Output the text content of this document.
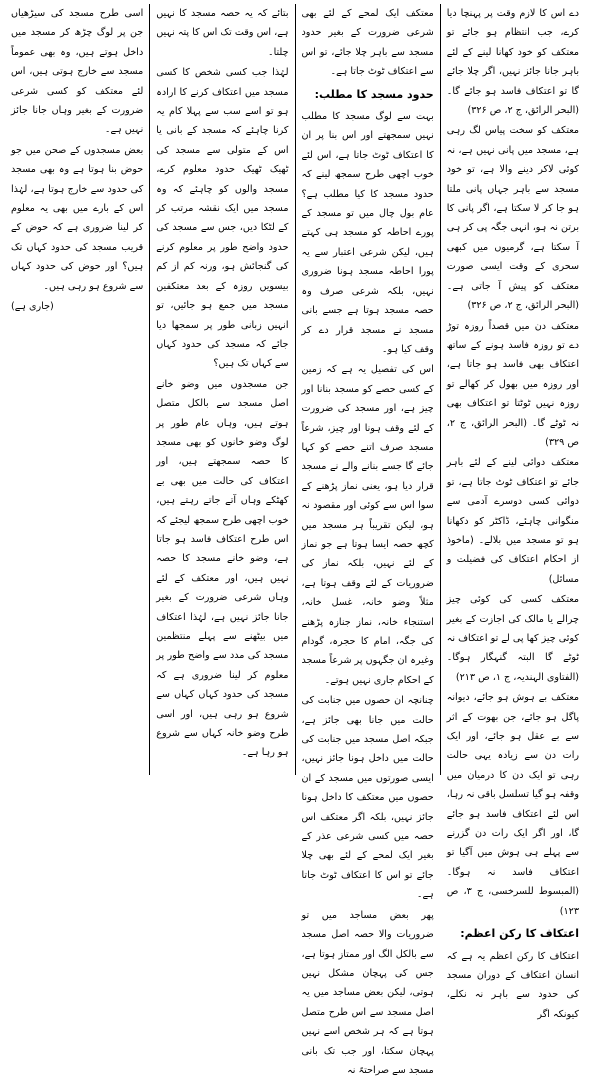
دے اس کا لازم وقت پر پہنچا دیا کرے، جب انتظام ہو جائے تو معتکف کو خود کھانا لینے کے لئے باہر جانا جائز نہیں، اگر چلا جائے گا تو اعتکاف فاسد ہو جائے گا۔ (البحر الرائق، ج ۲، ص ۳۲۶)

معتکف کو سخت پیاس لگ رہی ہے، مسجد میں پانی نہیں ہے، نہ کوئی لاکر دینے والا ہے، تو خود مسجد سے باہر جہاں پانی ملتا ہو جا کر لا سکتا ہے، اگر پانی کا برتن نہ ہو، انہی جگہ پی کر ہی آ سکتا ہے، گرمیوں میں کبھی سحری کے وقت ایسی صورت معتکف کو پیش آ جاتی ہے۔ (البحر الرائق، ج ۲، ص ۳۲۶)

معتکف دن میں قصداً روزہ توڑ دے تو روزہ فاسد ہونے کے ساتھ اعتکاف بھی فاسد ہو جاتا ہے، اور روزہ میں بھول کر کھالے تو روزہ نہیں ٹوٹتا تو اعتکاف بھی نہ ٹوٹے گا۔ (البحر الرائق، ج ۲، ص ۳۲۹)

معتکف دوائی لینے کے لئے باہر جائے تو اعتکاف ٹوٹ جاتا ہے، تو دوائی کسی دوسرے آدمی سے منگوانی چاہئے، ڈاکٹر کو دکھانا ہو تو مسجد میں بلالے۔ (ماخوذ از احکام اعتکاف کی فضیلت و مسائل)

معتکف کسی کی کوئی چیز چرالے یا مالک کی اجازت کے بغیر کوئی چیز کھا پی لے تو اعتکاف نہ ٹوٹے گا البتہ گنہگار ہوگا۔ (الفتاوی الہندیہ، ج ۱، ص ۲۱۳)

معتکف بے ہوش ہو جائے، دیوانہ پاگل ہو جائے، جن بھوت کے اثر سے بے عقل ہو جائے، اور ایک رات دن سے زیادہ یہی حالت رہی تو ایک دن کا درمیان میں وقفہ ہو گیا تسلسل باقی نہ رہا، اس لئے اعتکاف فاسد ہو جائے گا، اور اگر ایک رات دن گزرنے سے پہلے ہی ہوش میں آگیا تو اعتکاف فاسد نہ ہوگا۔ (المبسوط للسرخسی، ج ۳، ص ۱۲۳)

اعتکاف کا رکن اعظم:

اعتکاف کا رکن اعظم یہ ہے کہ انسان اعتکاف کے دوران مسجد کی حدود سے باہر نہ نکلے، کیونکہ اگر

معتکف ایک لمحے کے لئے بھی شرعی ضرورت کے بغیر حدود مسجد سے باہر چلا جائے، تو اس سے اعتکاف ٹوٹ جاتا ہے۔

حدود مسجد کا مطلب:

بہت سے لوگ مسجد کا مطلب نہیں سمجھتے اور اس بنا پر ان کا اعتکاف ٹوٹ جاتا ہے، اس لئے خوب اچھی طرح سمجھ لینے کہ حدود مسجد کا کیا مطلب ہے؟ عام بول چال میں تو مسجد کے پورے احاطہ کو مسجد ہی کہتے ہیں، لیکن شرعی اعتبار سے یہ پورا احاطہ مسجد ہونا ضروری نہیں، بلکہ شرعی صرف وہ حصہ مسجد ہوتا ہے جسے بانی مسجد نے مسجد قرار دے کر وقف کیا ہو۔

اس کی تفصیل یہ ہے کہ زمین کے کسی حصے کو مسجد بنانا اور چیز ہے، اور مسجد کی ضرورت کے لئے وقف ہونا اور چیز، شرعاً مسجد صرف اتنے حصے کو کہا جائے گا جسے بنانے والے نے مسجد قرار دیا ہو، یعنی نماز پڑھنے کے سوا اس سے کوئی اور مقصود نہ ہو، لیکن تقریباً ہر مسجد میں کچھ حصہ ایسا ہوتا ہے جو نماز کے لئے نہیں، بلکہ نماز کی ضروریات کے لئے وقف ہوتا ہے، مثلاً وضو خانہ، غسل خانہ، استنجاء خانہ، نماز جنازہ پڑھنے کی جگہ، امام کا حجرہ، گودام وغیرہ ان جگہوں پر شرعاً مسجد کے احکام جاری نہیں ہوتے۔

چنانچہ ان حصوں میں جنابت کی حالت میں جانا بھی جائز ہے، جبکہ اصل مسجد میں جنابت کی حالت میں داخل ہونا جائز نہیں، ایسی صورتوں میں مسجد کے ان حصوں میں معتکف کا داخل ہونا جائز نہیں، بلکہ اگر معتکف اس حصہ میں کسی شرعی عذر کے بغیر ایک لمحے کے لئے بھی چلا جائے تو اس کا اعتکاف ٹوٹ جاتا ہے۔

پھر بعض مساجد میں تو ضروریات والا حصہ اصل مسجد سے بالکل الگ اور ممتاز ہوتا ہے، جس کی پہچان مشکل نہیں ہوتی، لیکن بعض مساجد میں یہ اصل مسجد سے اس طرح متصل ہوتا ہے کہ ہر شخص اسے نہیں پہچان سکتا، اور جب تک بانی مسجد سے صراحتہً نہ

بتائے کہ یہ حصہ مسجد کا نہیں ہے، اس وقت تک اس کا پتہ نہیں چلتا۔

لہٰذا جب کسی شخص کا کسی مسجد میں اعتکاف کرنے کا ارادہ ہو تو اسے سب سے پہلا کام یہ کرنا چاہئے کہ مسجد کے بانی یا اس کے متولی سے مسجد کی ٹھیک ٹھیک حدود معلوم کرے، مسجد والوں کو چاہئے کہ وہ مسجد میں ایک نقشہ مرتب کر کے لٹکا دیں، جس سے مسجد کی حدود واضح طور پر معلوم کرنے کی گنجائش ہو، ورنہ کم از کم بیسویں روزہ کے بعد معتکفین مسجد میں جمع ہو جائیں، تو انہیں زبانی طور پر سمجھا دیا جائے کہ مسجد کی حدود کہاں سے کہاں تک ہیں؟

جن مسجدوں میں وضو خانے اصل مسجد سے بالکل متصل ہوتے ہیں، وہاں عام طور پر لوگ وضو خانوں کو بھی مسجد کا حصہ سمجھتے ہیں، اور اعتکاف کی حالت میں بھی بے کھٹکے وہاں آتے جاتے رہتے ہیں، خوب اچھی طرح سمجھ لیجئے کہ اس طرح اعتکاف فاسد ہو جاتا ہے، وضو خانے مسجد کا حصہ نہیں ہیں، اور معتکف کے لئے وہاں شرعی ضرورت کے بغیر جانا جائز نہیں ہے، لہٰذا اعتکاف میں بیٹھنے سے پہلے منتظمین مسجد کی مدد سے واضح طور پر معلوم کر لینا ضروری ہے کہ مسجد کی حدود کہاں کہاں سے شروع ہو رہی ہیں، اور اسی طرح وضو خانہ کہاں سے شروع ہو رہا ہے۔

اسی طرح مسجد کی سیڑھیاں جن پر لوگ چڑھ کر مسجد میں داخل ہوتے ہیں، وہ بھی عموماً مسجد سے خارج ہوتی ہیں، اس لئے معتکف کو کسی شرعی ضرورت کے بغیر وہاں جانا جائز نہیں ہے۔

بعض مسجدوں کے صحن میں جو حوض بنا ہوتا ہے وہ بھی مسجد کی حدود سے خارج ہوتا ہے، لہٰذا اس کے بارے میں بھی یہ معلوم کر لینا ضروری ہے کہ حوض کے قریب مسجد کی حدود کہاں تک ہیں؟ اور حوض کی حدود کہاں سے شروع ہو رہی ہیں۔

(جاری ہے)
